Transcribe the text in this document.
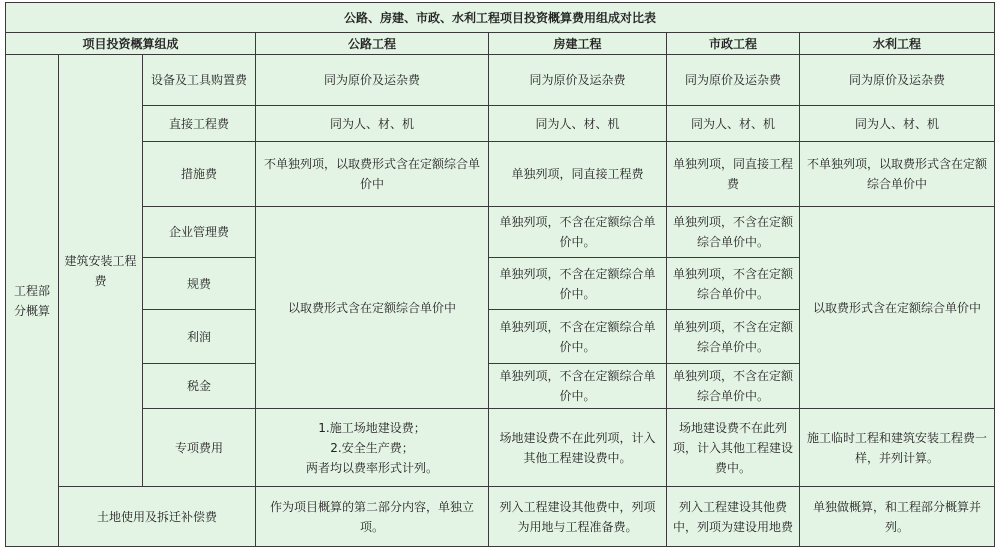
公路、房建、市政、水利工程项目投资概算费用组成对比表						
项目投资概算组成			公路工程	房建工程	市政工程	水利工程
工程部分概算	建筑安装工程费	设备及工具购置费	同为原价及运杂费	同为原价及运杂费	同为原价及运杂费	同为原价及运杂费
		直接工程费	同为人、材、机	同为人、材、机	同为人、材、机	同为人、材、机
		措施费	不单独列项，以取费形式含在定额综合单价中	单独列项，同直接工程费	单独列项，同直接工程费	不单独列项，以取费形式含在定额综合单价中
		企业管理费	以取费形式含在定额综合单价中	单独列项，不含在定额综合单价中。	单独列项，不含在定额综合单价中。	以取费形式含在定额综合单价中
		规费		单独列项，不含在定额综合单价中。	单独列项，不含在定额综合单价中。	
		利润		单独列项，不含在定额综合单价中。	单独列项，不含在定额综合单价中。	
		税金		单独列项，不含在定额综合单价中。	单独列项，不含在定额综合单价中。	
		专项费用	1.施工场地建设费；
2.安全生产费；
两者均以费率形式计列。	场地建设费不在此列项，计入其他工程建设费中。	场地建设费不在此列项，计入其他工程建设费中。	施工临时工程和建筑安装工程费一样，并列计算。
	土地使用及拆迁补偿费		作为项目概算的第二部分内容，单独立项。	列入工程建设其他费中，列项为用地与工程准备费。	列入工程建设其他费中，列项为建设用地费	单独做概算，和工程部分概算并列。
